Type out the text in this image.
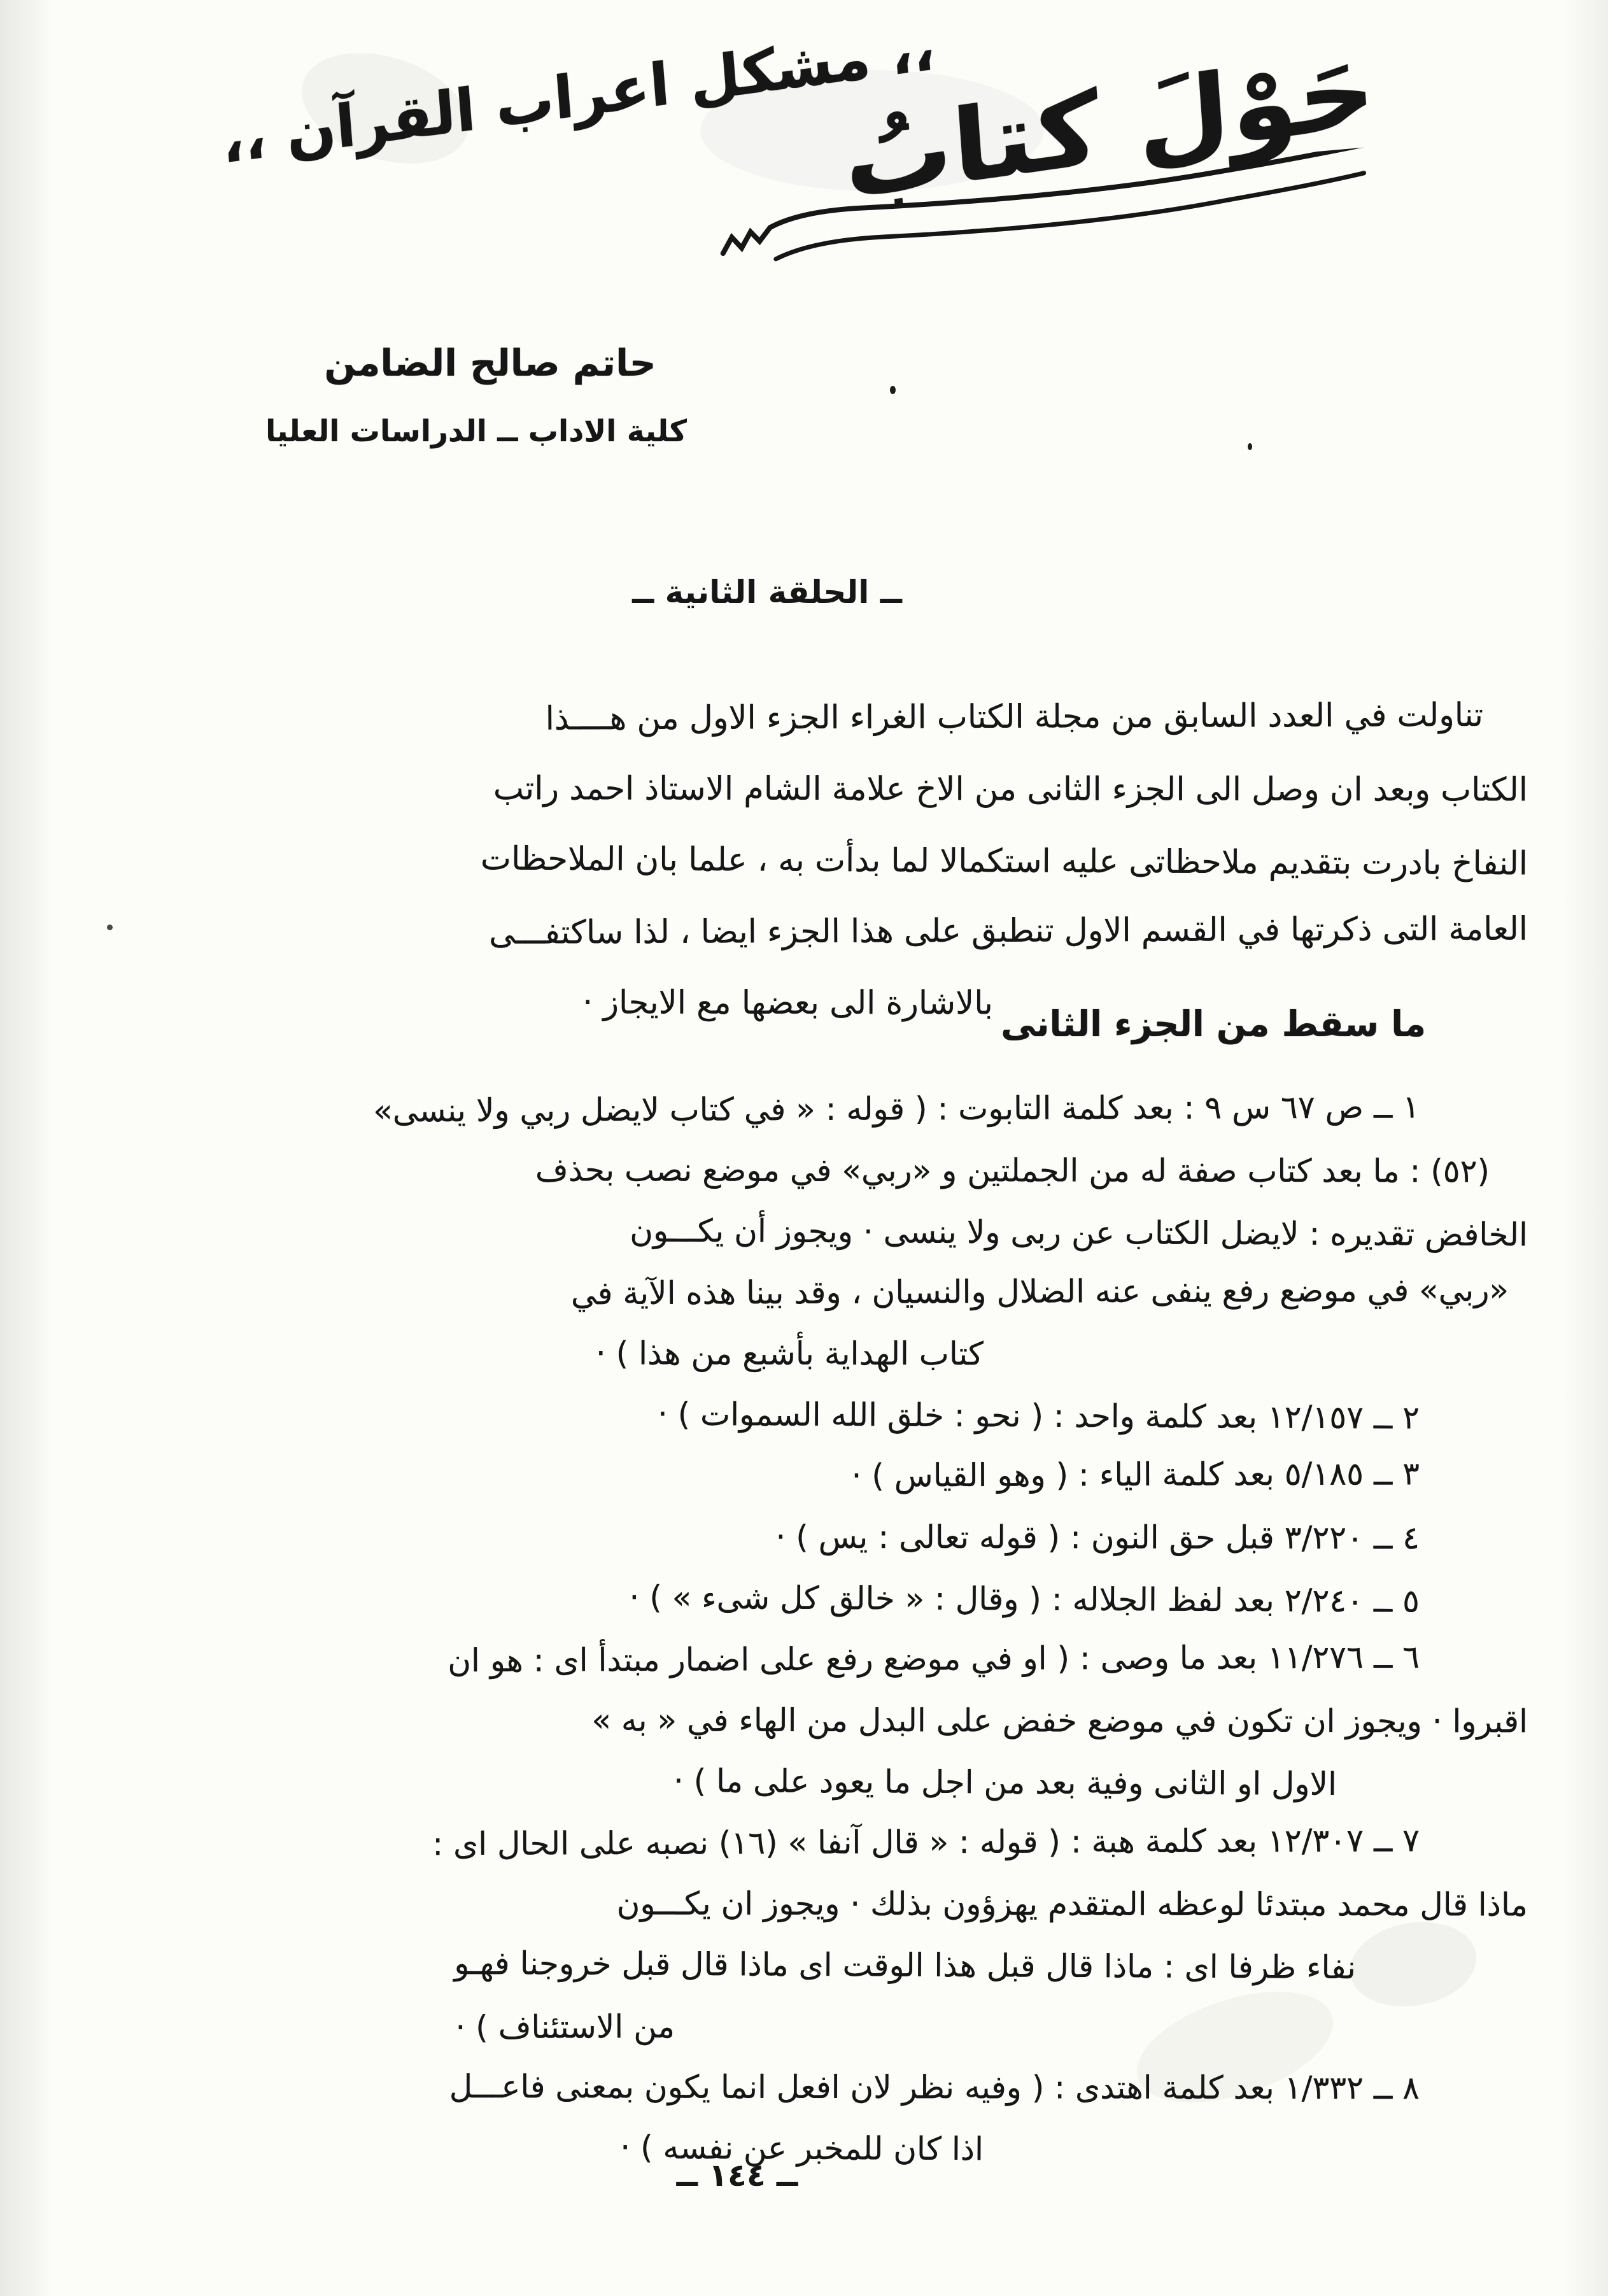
حَوْلَ كتابُ
،، مشكل اعراب القرآن ،،
حاتم صالح الضامن
كلية الاداب ــ الدراسات العليا
ــ الحلقة الثانية ــ
تناولت في العدد السابق من مجلة الكتاب الغراء الجزء الاول من هــــذا
الكتاب وبعد ان وصل الى الجزء الثانى من الاخ علامة الشام الاستاذ احمد راتب
النفاخ بادرت بتقديم ملاحظاتى عليه استكمالا لما بدأت به ، علما بان الملاحظات
العامة التى ذكرتها في القسم الاول تنطبق على هذا الجزء ايضا ، لذا ساكتفـــى
بالاشارة الى بعضها مع الايجاز ·
ما سقط من الجزء الثانى
١ ــ ص ٦٧ س ٩ : بعد كلمة التابوت : ( قوله : « في كتاب لايضل ربي ولا ينسى»
(٥٢) : ما بعد كتاب صفة له من الجملتين و «ربي» في موضع نصب بحذف
الخافض تقديره : لايضل الكتاب عن ربى ولا ينسى · ويجوز أن يكـــون
«ربي» في موضع رفع ينفى عنه الضلال والنسيان ، وقد بينا هذه الآية في
كتاب الهداية بأشبع من هذا ) ·
٢ ــ ١٢/١٥٧ بعد كلمة واحد : ( نحو : خلق الله السموات ) ·
٣ ــ ٥/١٨٥ بعد كلمة الياء : ( وهو القياس ) ·
٤ ــ ٣/٢٢٠ قبل حق النون : ( قوله تعالى : يس ) ·
٥ ــ ٢/٢٤٠ بعد لفظ الجلاله : ( وقال : « خالق كل شىء » ) ·
٦ ــ ١١/٢٧٦ بعد ما وصى : ( او في موضع رفع على اضمار مبتدأ اى : هو ان
اقبروا · ويجوز ان تكون في موضع خفض على البدل من الهاء في « به »
الاول او الثانى وفية بعد من اجل ما يعود على ما ) ·
٧ ــ ١٢/٣٠٧ بعد كلمة هبة : ( قوله : « قال آنفا » (١٦) نصبه على الحال اى :
ماذا قال محمد مبتدئا لوعظه المتقدم يهزؤون بذلك · ويجوز ان يكـــون
نفاء ظرفا اى : ماذا قال قبل هذا الوقت اى ماذا قال قبل خروجنا فهـو
من الاستئناف ) ·
٨ ــ ١/٣٣٢ بعد كلمة اهتدى : ( وفيه نظر لان افعل انما يكون بمعنى فاعـــل
اذا كان للمخبر عن نفسه ) ·
ــ ١٤٤ ــ
